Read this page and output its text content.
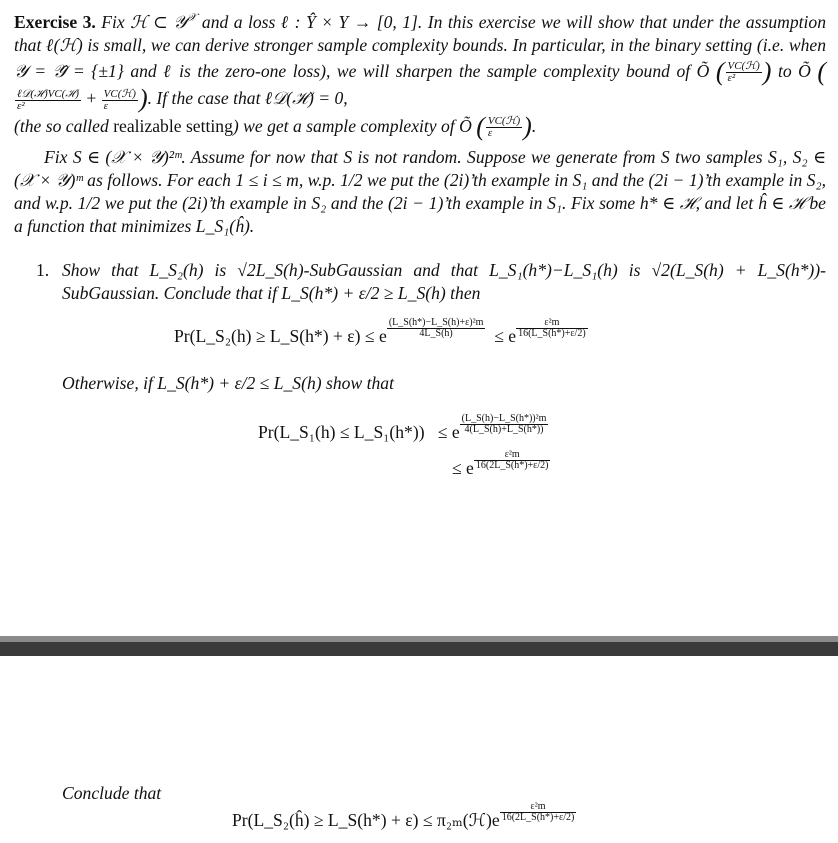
Exercise 3. Fix ℋ ⊂ 𝒴$^𝒳$ and a loss ℓ : Ŷ × Y → [0, 1]. In this exercise we will show that under the assumption that ℓ(ℋ) is small, we can derive stronger sample complexity bounds. In particular, in the binary setting (i.e. when 𝒴 = 𝒴̂ = {±1} and ℓ is the zero-one loss), we will sharpen the sample complexity bound of Õ ( $\frac{\text{VC(ℋ)}}{\text{ε²}}$ ) to Õ (
$\frac{\text{ℓ𝒟(ℋ)VC(ℋ)}}{\text{ε²}} + \frac{\text{VC(ℋ)}}{\varepsilon}$ ). If the case that ℓ𝒟(ℋ) = 0,
(the so called realizable setting) we get a sample complexity of Õ ( $\frac{\text{VC(ℋ)}}{\varepsilon}$ ).
Fix S ∈ (𝒳 × 𝒴)²ᵐ. Assume for now that S is not random. Suppose we generate from S two samples S₁, S₂ ∈ (𝒳 × 𝒴)ᵐ as follows. For each 1 ≤ i ≤ m, w.p. 1/2 we put the (2i)’th example in S₁ and the (2i − 1)’th example in S₂, and w.p. 1/2 we put the (2i)’th example in S₂ and the (2i − 1)’th example in S₁. Fix some h* ∈ ℋ, and let ĥ ∈ ℋ be a function that minimizes L_S₁(ĥ).
1. Show that L_S₂(h) is √2L_S(h)-SubGaussian and that L_S₁(h*)−L_S₁(h) is √2(L_S(h) + L_S(h*))-SubGaussian. Conclude that if L_S(h*) + ε/2 ≥ L_S(h) then
Pr(L_S₂(h) ≥ L_S(h*) + ε) ≤ e $\frac{\text{(L\_S(h*)−L\_S(h)+ε)²m}}{4L\_S(h)} \le e \frac{\text{ε²m}}{16(L\_S(h*)+\varepsilon/2)}$
Otherwise, if L_S(h*) + ε/2 ≤ L_S(h) show that
Pr(L_S₁(h) ≤ L_S₁(h*)) ≤ e $\frac{\text{(L\_S(h)−L\_S(h*))²m}}{4(L\_S(h)+L\_S(h*))}$
≤ e $\frac{\text{ε²m}}{16(2L\_S(h*)+\varepsilon/2)}$
Conclude that
Pr(L_S₂(ĥ) ≥ L_S(h*) + ε) ≤ π₂ₘ(ℋ)e $\frac{\text{ε²m}}{16(2L\_S(h*)+\varepsilon/2)}$
